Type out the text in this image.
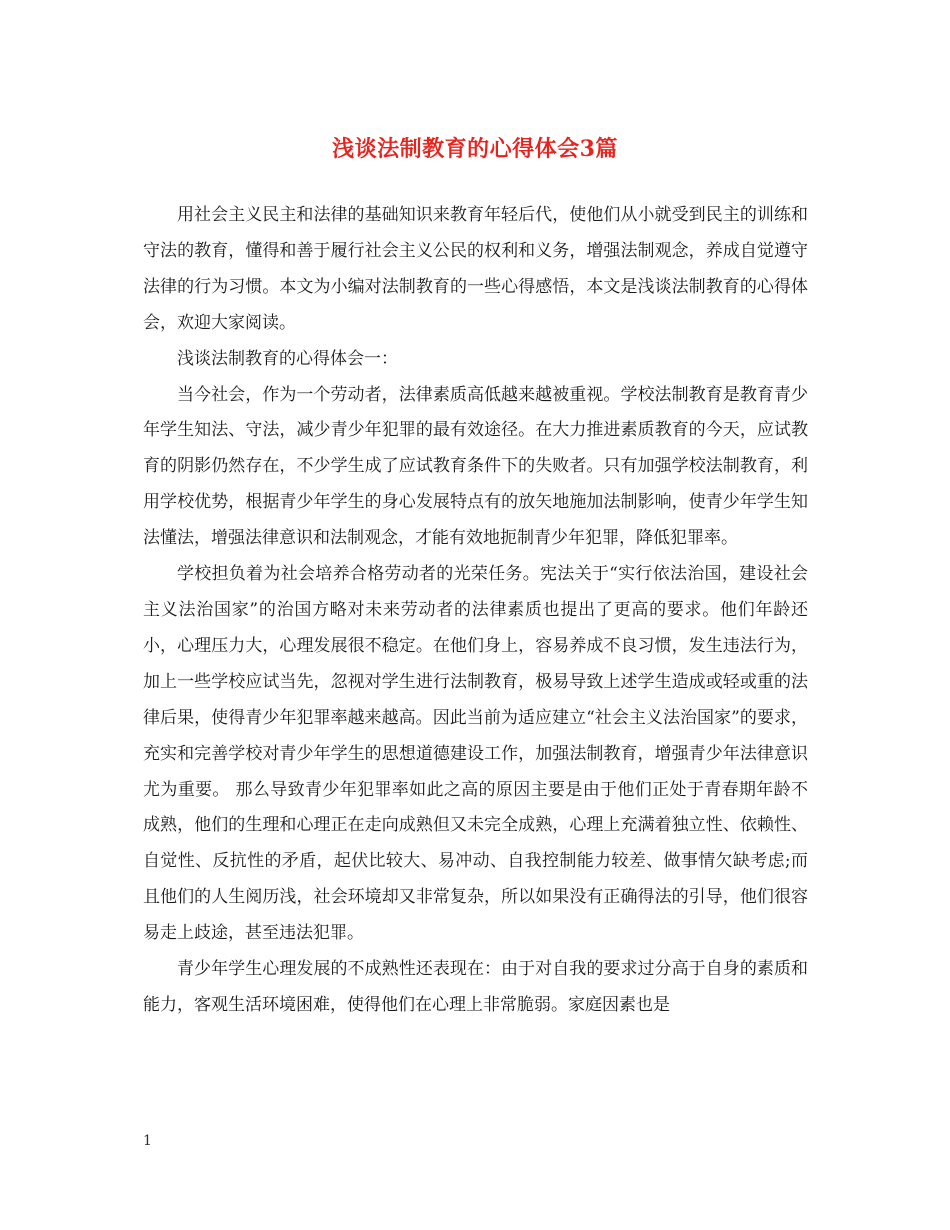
浅谈法制教育的心得体会3篇

用社会主义民主和法律的基础知识来教育年轻后代，使他们从小就受到民主的训练和守法的教育，懂得和善于履行社会主义公民的权利和义务，增强法制观念，养成自觉遵守法律的行为习惯。本文为小编对法制教育的一些心得感悟，本文是浅谈法制教育的心得体会，欢迎大家阅读。

浅谈法制教育的心得体会一：

当今社会，作为一个劳动者，法律素质高低越来越被重视。学校法制教育是教育青少年学生知法、守法，减少青少年犯罪的最有效途径。在大力推进素质教育的今天，应试教育的阴影仍然存在，不少学生成了应试教育条件下的失败者。只有加强学校法制教育，利用学校优势，根据青少年学生的身心发展特点有的放矢地施加法制影响，使青少年学生知法懂法，增强法律意识和法制观念，才能有效地扼制青少年犯罪，降低犯罪率。

学校担负着为社会培养合格劳动者的光荣任务。宪法关于“实行依法治国，建设社会主义法治国家”的治国方略对未来劳动者的法律素质也提出了更高的要求。他们年龄还小，心理压力大，心理发展很不稳定。在他们身上，容易养成不良习惯，发生违法行为，加上一些学校应试当先，忽视对学生进行法制教育，极易导致上述学生造成或轻或重的法律后果，使得青少年犯罪率越来越高。因此当前为适应建立“社会主义法治国家”的要求，充实和完善学校对青少年学生的思想道德建设工作，加强法制教育，增强青少年法律意识尤为重要。 那么导致青少年犯罪率如此之高的原因主要是由于他们正处于青春期年龄不成熟，他们的生理和心理正在走向成熟但又未完全成熟，心理上充满着独立性、依赖性、自觉性、反抗性的矛盾，起伏比较大、易冲动、自我控制能力较差、做事情欠缺考虑;而且他们的人生阅历浅，社会环境却又非常复杂，所以如果没有正确得法的引导，他们很容易走上歧途，甚至违法犯罪。

青少年学生心理发展的不成熟性还表现在：由于对自我的要求过分高于自身的素质和能力，客观生活环境困难，使得他们在心理上非常脆弱。家庭因素也是

1
